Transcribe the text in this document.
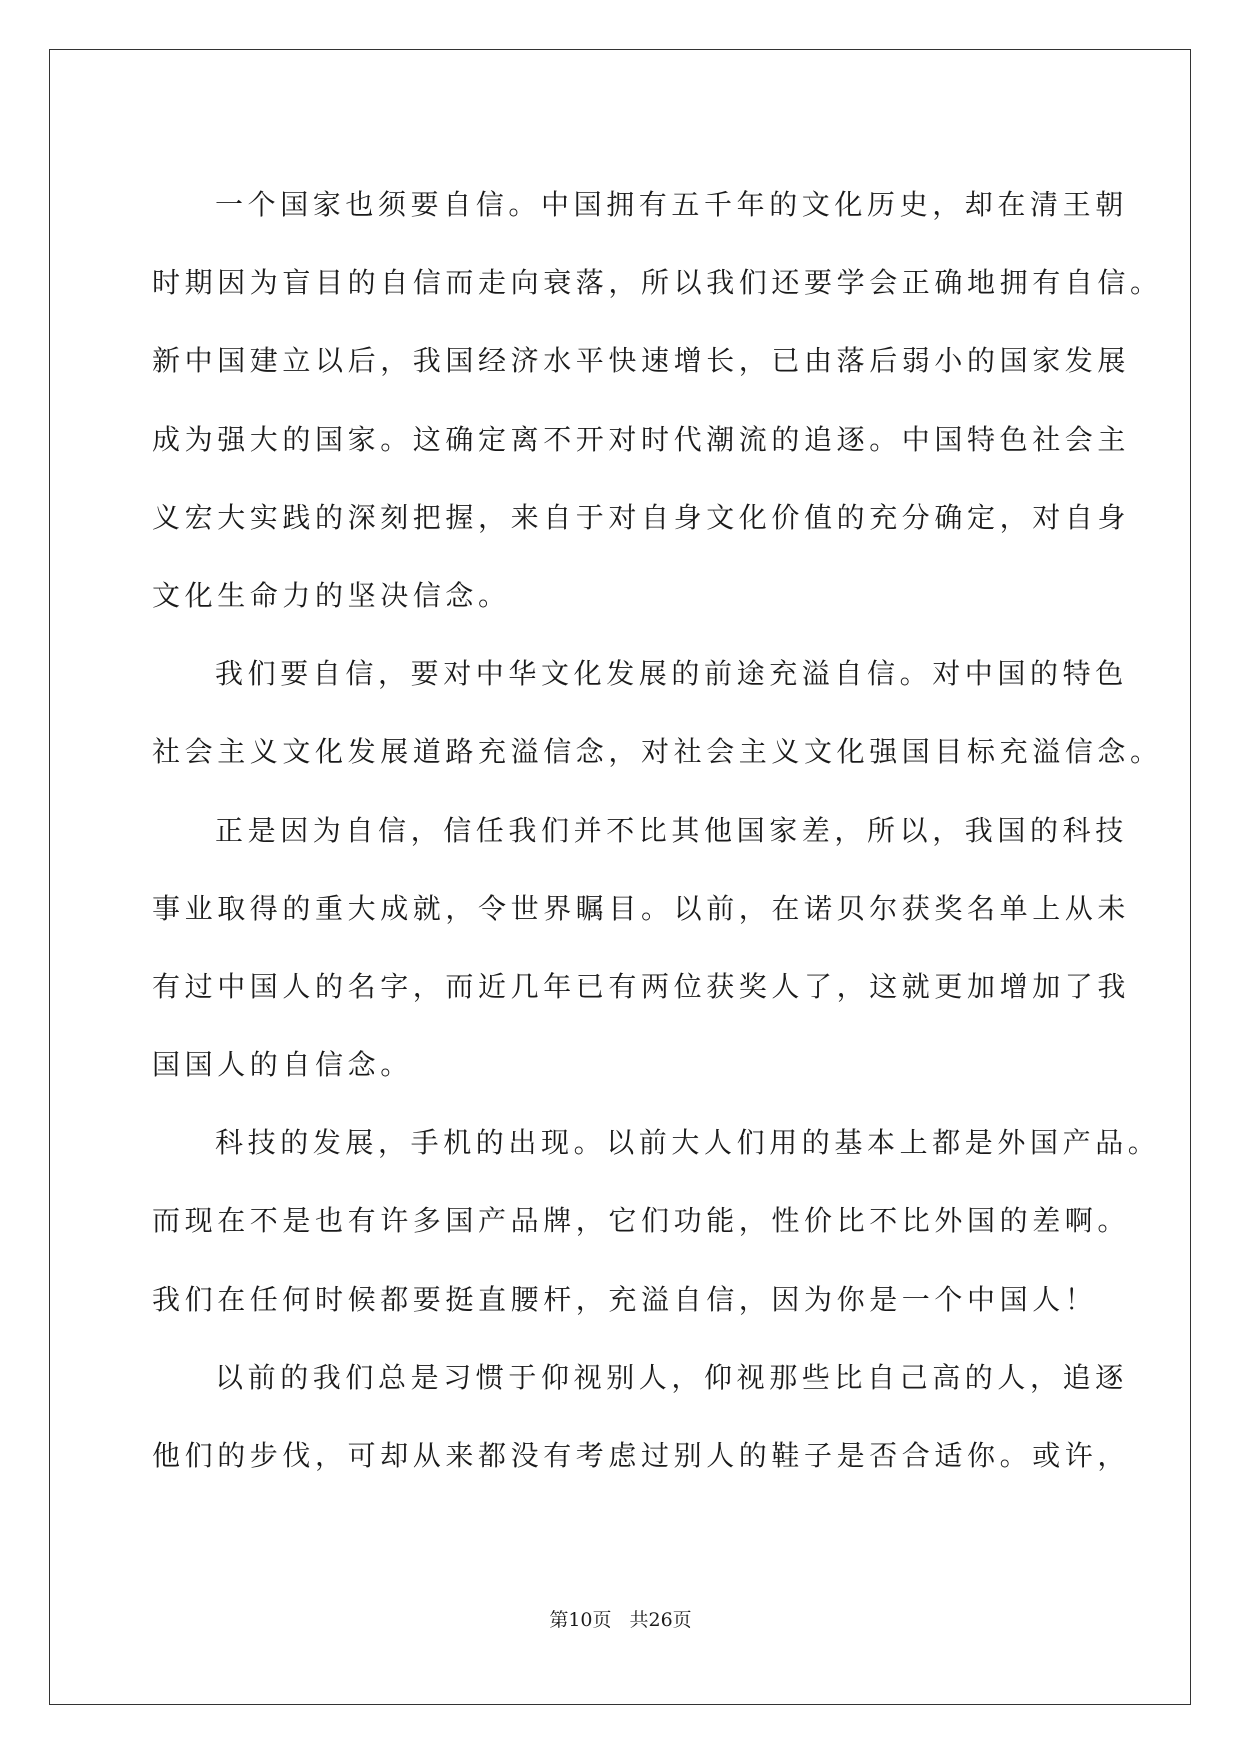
一个国家也须要自信。中国拥有五千年的文化历史，却在清王朝
时期因为盲目的自信而走向衰落，所以我们还要学会正确地拥有自信。
新中国建立以后，我国经济水平快速增长，已由落后弱小的国家发展
成为强大的国家。这确定离不开对时代潮流的追逐。中国特色社会主
义宏大实践的深刻把握，来自于对自身文化价值的充分确定，对自身
文化生命力的坚决信念。
我们要自信，要对中华文化发展的前途充溢自信。对中国的特色
社会主义文化发展道路充溢信念，对社会主义文化强国目标充溢信念。
正是因为自信，信任我们并不比其他国家差，所以，我国的科技
事业取得的重大成就，令世界瞩目。以前，在诺贝尔获奖名单上从未
有过中国人的名字，而近几年已有两位获奖人了，这就更加增加了我
国国人的自信念。
科技的发展，手机的出现。以前大人们用的基本上都是外国产品。
而现在不是也有许多国产品牌，它们功能，性价比不比外国的差啊。
我们在任何时候都要挺直腰杆，充溢自信，因为你是一个中国人！
以前的我们总是习惯于仰视别人，仰视那些比自己高的人，追逐
他们的步伐，可却从来都没有考虑过别人的鞋子是否合适你。或许，
第10页 共26页
